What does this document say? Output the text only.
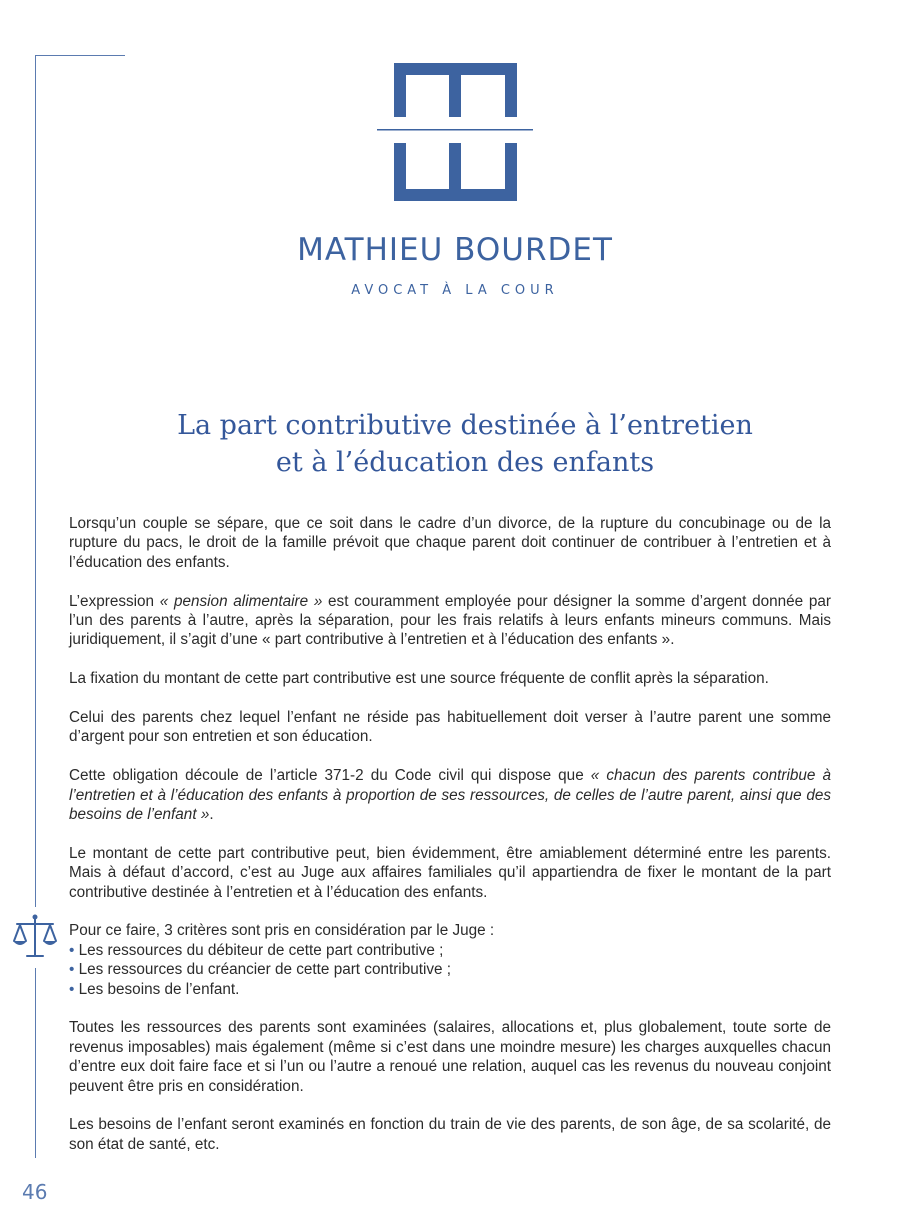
MATHIEU BOURDET
AVOCAT À LA COUR
La part contributive destinée à l’entretien
et à l’éducation des enfants

Lorsqu’un couple se sépare, que ce soit dans le cadre d’un divorce, de la rupture du concubinage ou de la rupture du pacs, le droit de la famille prévoit que chaque parent doit continuer de contribuer à l’entretien et à l’éducation des enfants.

L’expression « pension alimentaire » est couramment employée pour désigner la somme d’argent donnée par l’un des parents à l’autre, après la séparation, pour les frais relatifs à leurs enfants mineurs communs. Mais juridiquement, il s’agit d’une « part contributive à l’entretien et à l’éducation des enfants ».

La fixation du montant de cette part contributive est une source fréquente de conflit après la séparation.

Celui des parents chez lequel l’enfant ne réside pas habituellement doit verser à l’autre parent une somme d’argent pour son entretien et son éducation.

Cette obligation découle de l’article 371-2 du Code civil qui dispose que « chacun des parents contribue à l’entretien et à l’éducation des enfants à proportion de ses ressources, de celles de l’autre parent, ainsi que des besoins de l’enfant ».

Le montant de cette part contributive peut, bien évidemment, être amiablement déterminé entre les parents. Mais à défaut d’accord, c’est au Juge aux affaires familiales qu’il appartiendra de fixer le montant de la part contributive destinée à l’entretien et à l’éducation des enfants.

Pour ce faire, 3 critères sont pris en considération par le Juge :
• Les ressources du débiteur de cette part contributive ;
• Les ressources du créancier de cette part contributive ;
• Les besoins de l’enfant.

Toutes les ressources des parents sont examinées (salaires, allocations et, plus globalement, toute sorte de revenus imposables) mais également (même si c’est dans une moindre mesure) les charges auxquelles chacun d’entre eux doit faire face et si l’un ou l’autre a renoué une relation, auquel cas les revenus du nouveau conjoint peuvent être pris en considération.

Les besoins de l’enfant seront examinés en fonction du train de vie des parents, de son âge, de sa scolarité, de son état de santé, etc.

46
